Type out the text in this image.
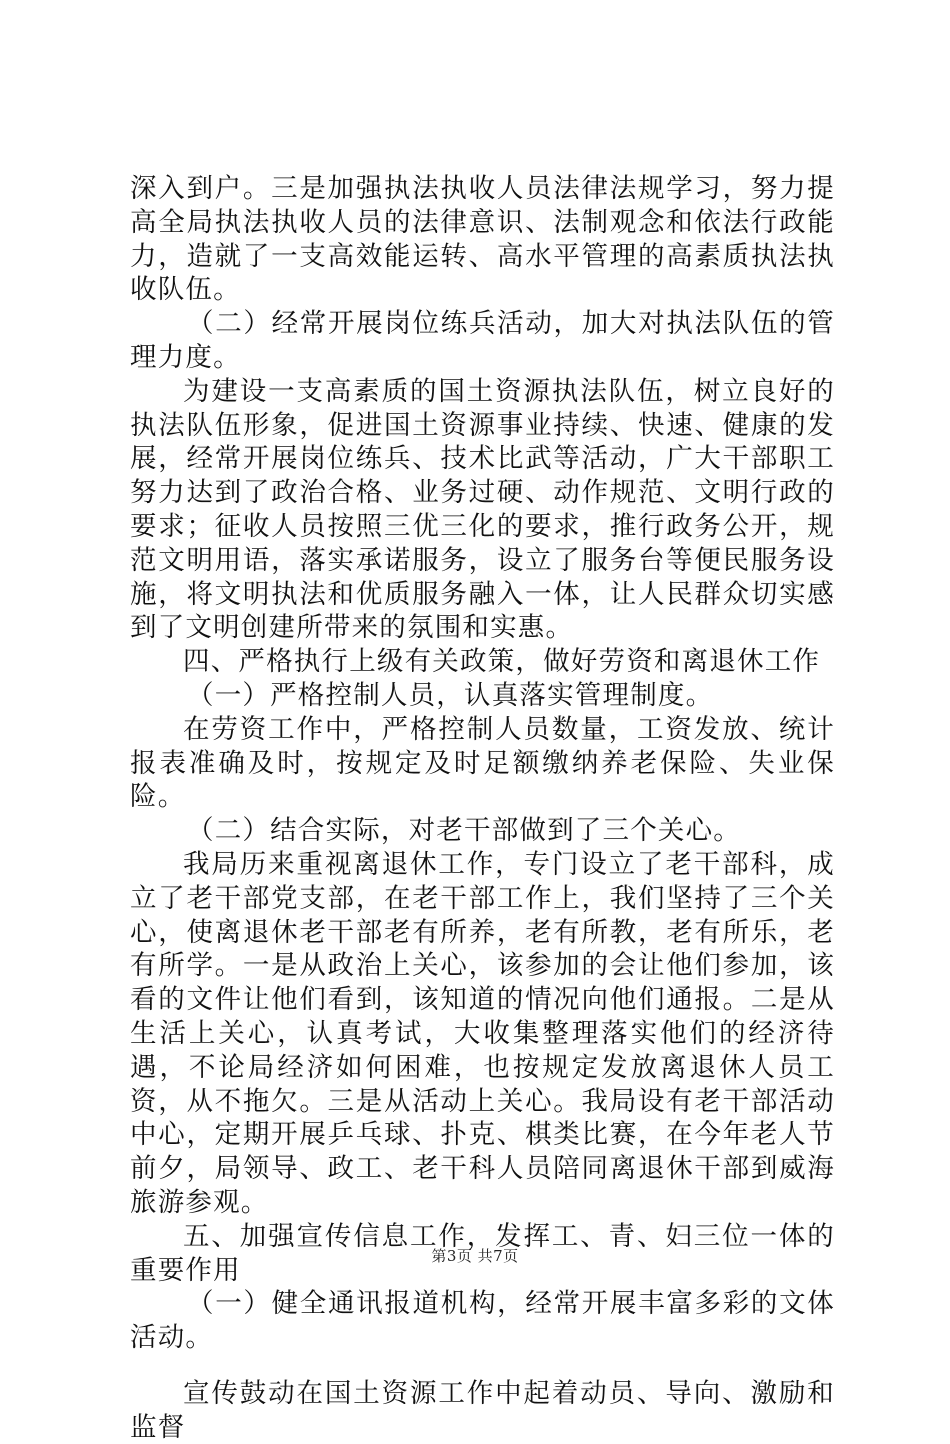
深入到户。三是加强执法执收人员法律法规学习，努力提高全局执法执收人员的法律意识、法制观念和依法行政能力，造就了一支高效能运转、高水平管理的高素质执法执收队伍。

（二）经常开展岗位练兵活动，加大对执法队伍的管理力度。

为建设一支高素质的国土资源执法队伍，树立良好的执法队伍形象，促进国土资源事业持续、快速、健康的发展，经常开展岗位练兵、技术比武等活动，广大干部职工努力达到了政治合格、业务过硬、动作规范、文明行政的要求；征收人员按照三优三化的要求，推行政务公开，规范文明用语，落实承诺服务，设立了服务台等便民服务设施，将文明执法和优质服务融入一体，让人民群众切实感到了文明创建所带来的氛围和实惠。

四、严格执行上级有关政策，做好劳资和离退休工作

（一）严格控制人员，认真落实管理制度。

在劳资工作中，严格控制人员数量，工资发放、统计报表准确及时，按规定及时足额缴纳养老保险、失业保险。

（二）结合实际，对老干部做到了三个关心。

我局历来重视离退休工作，专门设立了老干部科，成立了老干部党支部，在老干部工作上，我们坚持了三个关心，使离退休老干部老有所养，老有所教，老有所乐，老有所学。一是从政治上关心，该参加的会让他们参加，该看的文件让他们看到，该知道的情况向他们通报。二是从生活上关心，认真考试，大收集整理落实他们的经济待遇，不论局经济如何困难，也按规定发放离退休人员工资，从不拖欠。三是从活动上关心。我局设有老干部活动中心，定期开展乒乓球、扑克、棋类比赛，在今年老人节前夕，局领导、政工、老干科人员陪同离退休干部到威海旅游参观。

五、加强宣传信息工作，发挥工、青、妇三位一体的重要作用

（一）健全通讯报道机构，经常开展丰富多彩的文体活动。

宣传鼓动在国土资源工作中起着动员、导向、激励和监督

第3页 共7页
